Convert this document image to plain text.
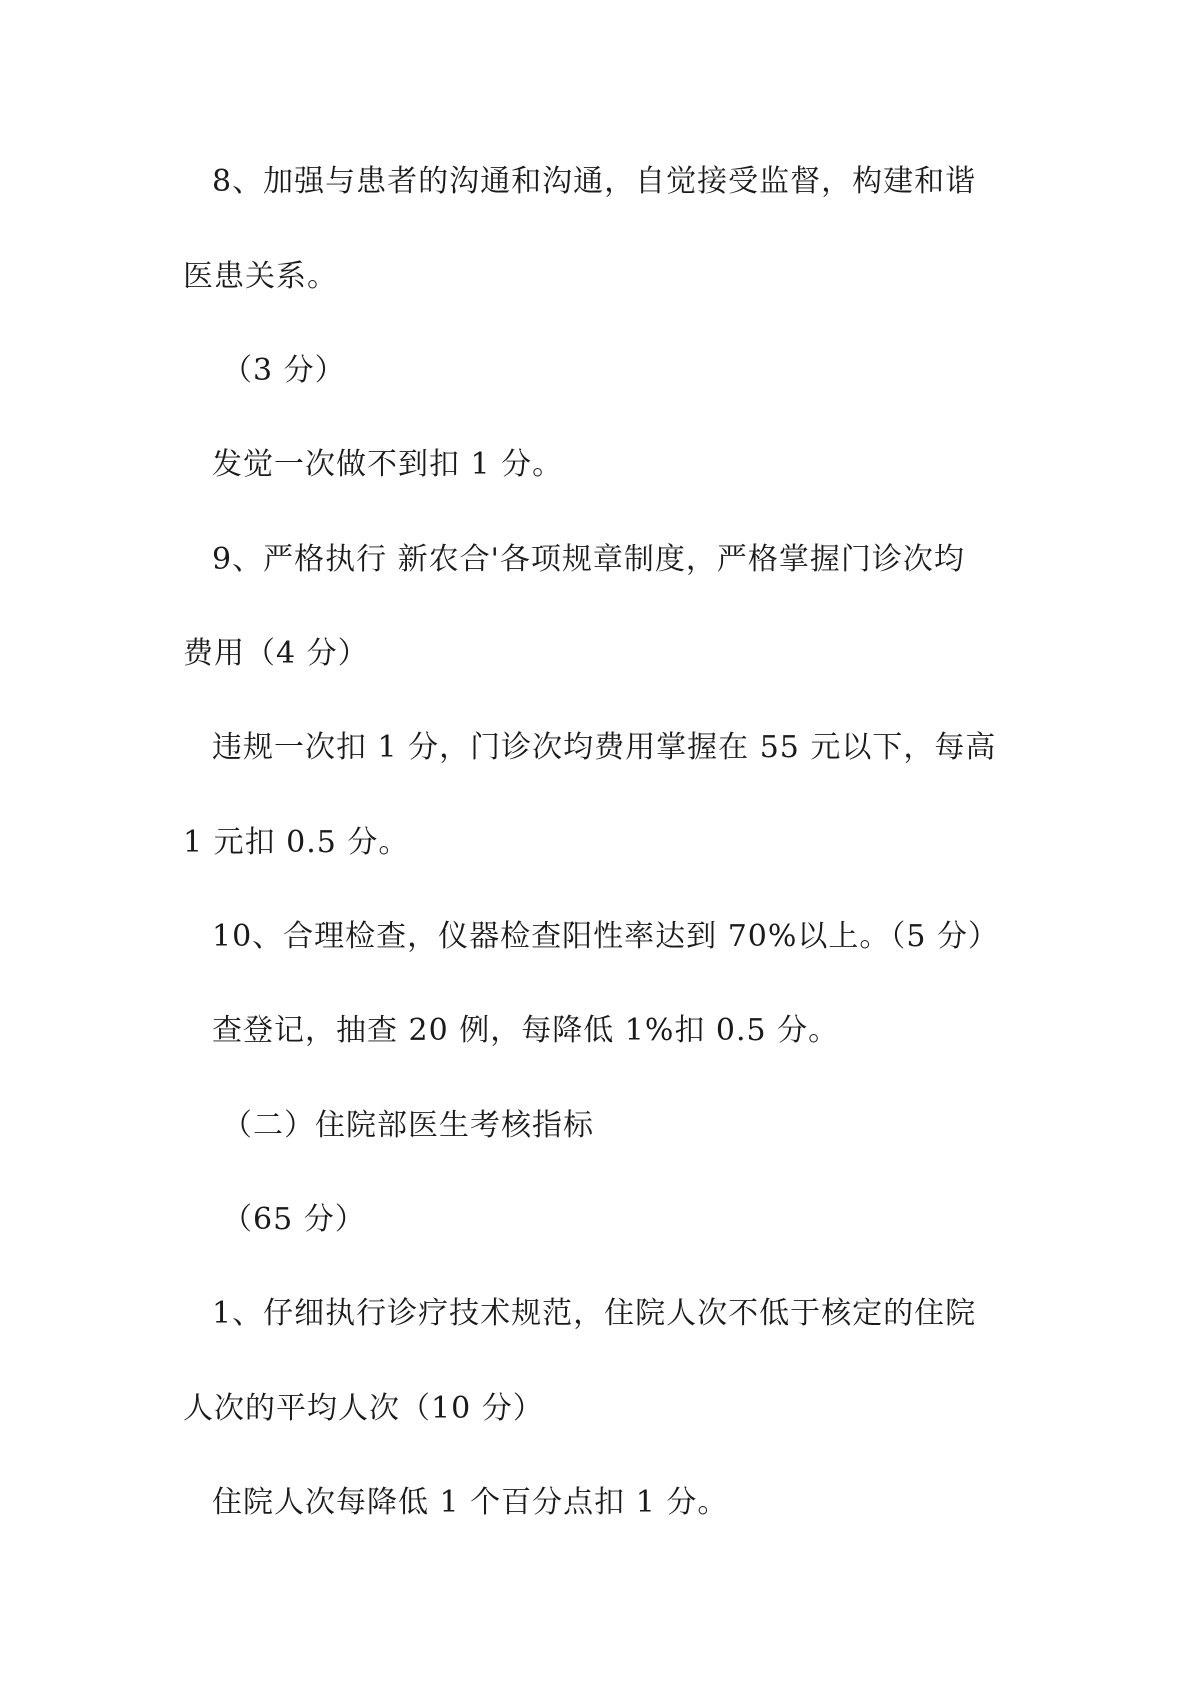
8、加强与患者的沟通和沟通，自觉接受监督，构建和谐
医患关系。
（3 分）
发觉一次做不到扣 1 分。
9、严格执行 新农合'各项规章制度，严格掌握门诊次均
费用（4 分）
违规一次扣 1 分，门诊次均费用掌握在 55 元以下，每高
1 元扣 0.5 分。
10、合理检查，仪器检查阳性率达到 70%以上。（5 分）
查登记，抽查 20 例，每降低 1%扣 0.5 分。
（二）住院部医生考核指标
（65 分）
1、仔细执行诊疗技术规范，住院人次不低于核定的住院
人次的平均人次（10 分）
住院人次每降低 1 个百分点扣 1 分。
